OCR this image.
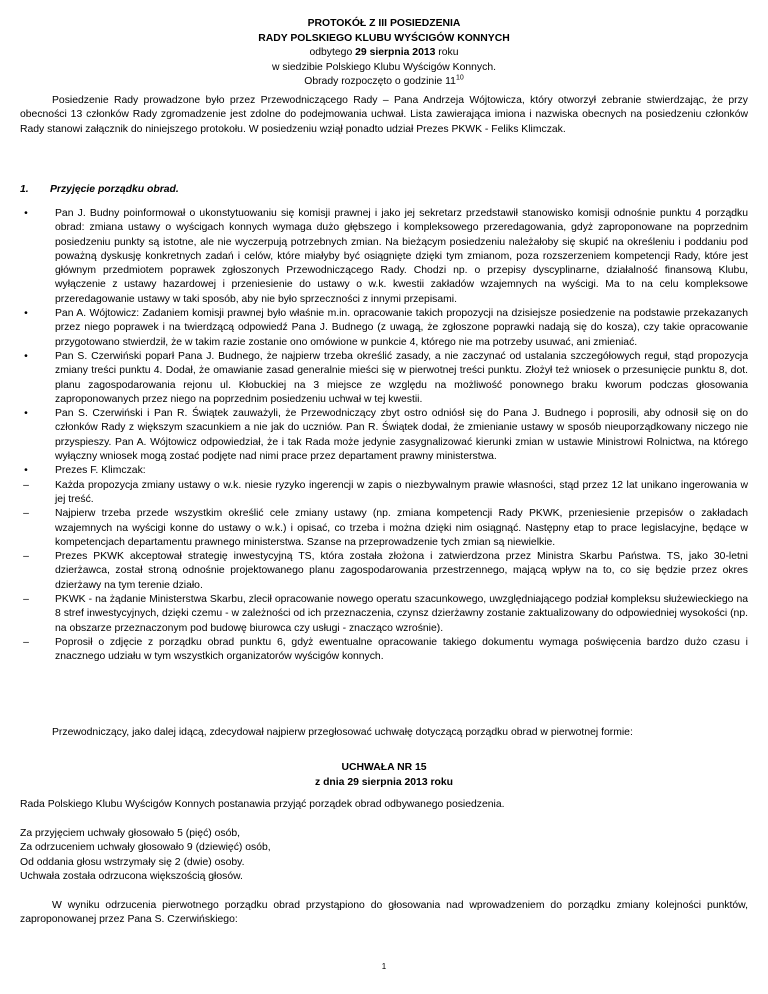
PROTOKÓŁ Z III POSIEDZENIA
RADY POLSKIEGO KLUBU WYŚCIGÓW KONNYCH
odbytego 29 sierpnia 2013 roku
w siedzibie Polskiego Klubu Wyścigów Konnych.
Obrady rozpoczęto o godzinie $11^{10}$
Posiedzenie Rady prowadzone było przez Przewodniczącego Rady – Pana Andrzeja Wójtowicza, który otworzył zebranie stwierdzając, że przy obecności 13 członków Rady zgromadzenie jest zdolne do podejmowania uchwał. Lista zawierająca imiona i nazwiska obecnych na posiedzeniu członków Rady stanowi załącznik do niniejszego protokołu. W posiedzeniu wziął ponadto udział Prezes PKWK - Feliks Klimczak.
1. Przyjęcie porządku obrad.
•	Pan J. Budny poinformował o ukonstytuowaniu się komisji prawnej i jako jej sekretarz przedstawił stanowisko komisji odnośnie punktu 4 porządku obrad: zmiana ustawy o wyścigach konnych wymaga dużo głębszego i kompleksowego przeredagowania, gdyż zaproponowane na poprzednim posiedzeniu punkty są istotne, ale nie wyczerpują potrzebnych zmian. Na bieżącym posiedzeniu należałoby się skupić na określeniu i poddaniu pod poważną dyskusję konkretnych zadań i celów, które miałyby być osiągnięte dzięki tym zmianom, poza rozszerzeniem kompetencji Rady, które jest głównym przedmiotem poprawek zgłoszonych Przewodniczącego Rady. Chodzi np. o przepisy dyscyplinarne, działalność finansową Klubu, wyłączenie z ustawy hazardowej i przeniesienie do ustawy o w.k. kwestii zakładów wzajemnych na wyścigi. Ma to na celu kompleksowe przeredagowanie ustawy w taki sposób, aby nie było sprzeczności z innymi przepisami.
•	Pan A. Wójtowicz: Zadaniem komisji prawnej było właśnie m.in. opracowanie takich propozycji na dzisiejsze posiedzenie na podstawie przekazanych przez niego poprawek i na twierdzącą odpowiedź Pana J. Budnego (z uwagą, że zgłoszone poprawki nadają się do kosza), czy takie opracowanie przygotowano stwierdził, że w takim razie zostanie ono omówione w punkcie 4, którego nie ma potrzeby usuwać, ani zmieniać.
•	Pan S. Czerwiński poparł Pana J. Budnego, że najpierw trzeba określić zasady, a nie zaczynać od ustalania szczegółowych reguł, stąd propozycja zmiany treści punktu 4. Dodał, że omawianie zasad generalnie mieści się w pierwotnej treści punktu. Złożył też wniosek o przesunięcie punktu 8, dot. planu zagospodarowania rejonu ul. Kłobuckiej na 3 miejsce ze względu na możliwość ponownego braku kworum podczas głosowania zaproponowanych przez niego na poprzednim posiedzeniu uchwał w tej kwestii.
•	Pan S. Czerwiński i Pan R. Świątek zauważyli, że Przewodniczący zbyt ostro odniósł się do Pana J. Budnego i poprosili, aby odnosił się on do członków Rady z większym szacunkiem a nie jak do uczniów. Pan R. Świątek dodał, że zmienianie ustawy w sposób nieuporządkowany niczego nie przyspieszy. Pan A. Wójtowicz odpowiedział, że i tak Rada może jedynie zasygnalizować kierunki zmian w ustawie Ministrowi Rolnictwa, na którego wyłączny wniosek mogą zostać podjęte nad nimi prace przez departament prawny ministerstwa.
•	Prezes F. Klimczak:
–	Każda propozycja zmiany ustawy o w.k. niesie ryzyko ingerencji w zapis o niezbywalnym prawie własności, stąd przez 12 lat unikano ingerowania w jej treść.
–	Najpierw trzeba przede wszystkim określić cele zmiany ustawy (np. zmiana kompetencji Rady PKWK, przeniesienie przepisów o zakładach wzajemnych na wyścigi konne do ustawy o w.k.) i opisać, co trzeba i można dzięki nim osiągnąć. Następny etap to prace legislacyjne, będące w kompetencjach departamentu prawnego ministerstwa. Szanse na przeprowadzenie tych zmian są niewielkie.
–	Prezes PKWK akceptował strategię inwestycyjną TS, która została złożona i zatwierdzona przez Ministra Skarbu Państwa. TS, jako 30-letni dzierżawca, został stroną odnośnie projektowanego planu zagospodarowania przestrzennego, mającą wpływ na to, co się będzie przez okres dzierżawy na tym terenie działo.
–	PKWK - na żądanie Ministerstwa Skarbu, zlecił opracowanie nowego operatu szacunkowego, uwzględniającego podział kompleksu służewieckiego na 8 stref inwestycyjnych, dzięki czemu - w zależności od ich przeznaczenia, czynsz dzierżawny zostanie zaktualizowany do odpowiedniej wysokości (np. na obszarze przeznaczonym pod budowę biurowca czy usługi - znacząco wzrośnie).
–	Poprosił o zdjęcie z porządku obrad punktu 6, gdyż ewentualne opracowanie takiego dokumentu wymaga poświęcenia bardzo dużo czasu i znacznego udziału w tym wszystkich organizatorów wyścigów konnych.
Przewodniczący, jako dalej idącą, zdecydował najpierw przegłosować uchwałę dotyczącą porządku obrad w pierwotnej formie:
UCHWAŁA NR 15
z dnia 29 sierpnia 2013 roku
Rada Polskiego Klubu Wyścigów Konnych postanawia przyjąć porządek obrad odbywanego posiedzenia.
Za przyjęciem uchwały głosowało 5 (pięć) osób,
Za odrzuceniem uchwały głosowało 9 (dziewięć) osób,
Od oddania głosu wstrzymały się 2 (dwie) osoby.
Uchwała została odrzucona większością głosów.
W wyniku odrzucenia pierwotnego porządku obrad przystąpiono do głosowania nad wprowadzeniem do porządku zmiany kolejności punktów, zaproponowanej przez Pana S. Czerwińskiego:
1
